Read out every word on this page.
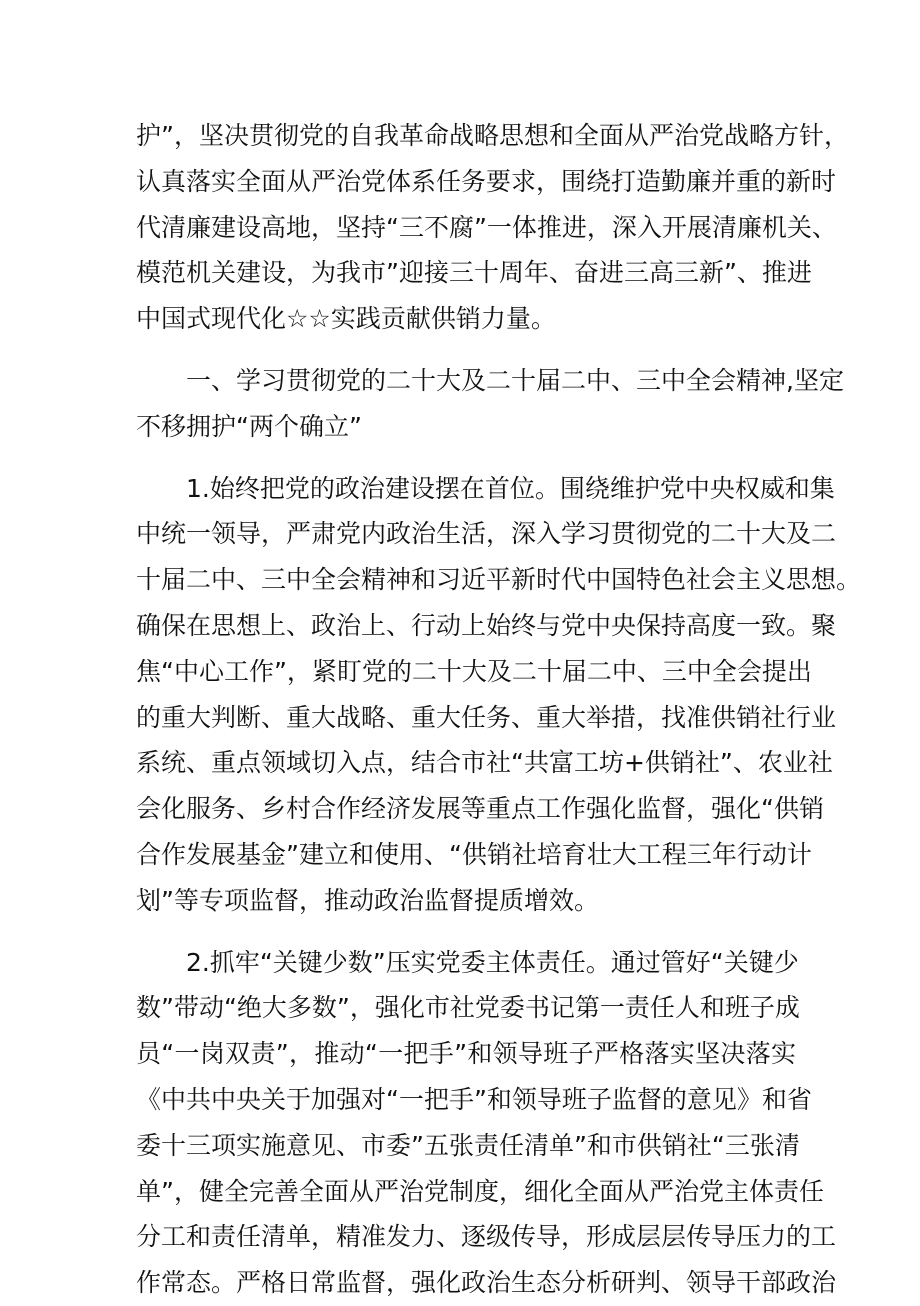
护”，坚决贯彻党的自我革命战略思想和全面从严治党战略方针，
认真落实全面从严治党体系任务要求，围绕打造勤廉并重的新时
代清廉建设高地，坚持“三不腐”一体推进，深入开展清廉机关、
模范机关建设，为我市”迎接三十周年、奋进三高三新”、推进
中国式现代化☆☆实践贡献供销力量。
　　一、学习贯彻党的二十大及二十届二中、三中全会精神,坚定
不移拥护“两个确立”
　　1.始终把党的政治建设摆在首位。围绕维护党中央权威和集
中统一领导，严肃党内政治生活，深入学习贯彻党的二十大及二
十届二中、三中全会精神和习近平新时代中国特色社会主义思想。
确保在思想上、政治上、行动上始终与党中央保持高度一致。聚
焦“中心工作”，紧盯党的二十大及二十届二中、三中全会提出
的重大判断、重大战略、重大任务、重大举措，找准供销社行业
系统、重点领域切入点，结合市社“共富工坊+供销社”、农业社
会化服务、乡村合作经济发展等重点工作强化监督，强化“供销
合作发展基金”建立和使用、“供销社培育壮大工程三年行动计
划”等专项监督，推动政治监督提质增效。
　　2.抓牢“关键少数”压实党委主体责任。通过管好“关键少
数”带动“绝大多数”，强化市社党委书记第一责任人和班子成
员“一岗双责”，推动“一把手”和领导班子严格落实坚决落实
《中共中央关于加强对“一把手”和领导班子监督的意见》和省
委十三项实施意见、市委”五张责任清单”和市供销社“三张清
单”，健全完善全面从严治党制度，细化全面从严治党主体责任
分工和责任清单，精准发力、逐级传导，形成层层传导压力的工
作常态。严格日常监督，强化政治生态分析研判、领导干部政治
